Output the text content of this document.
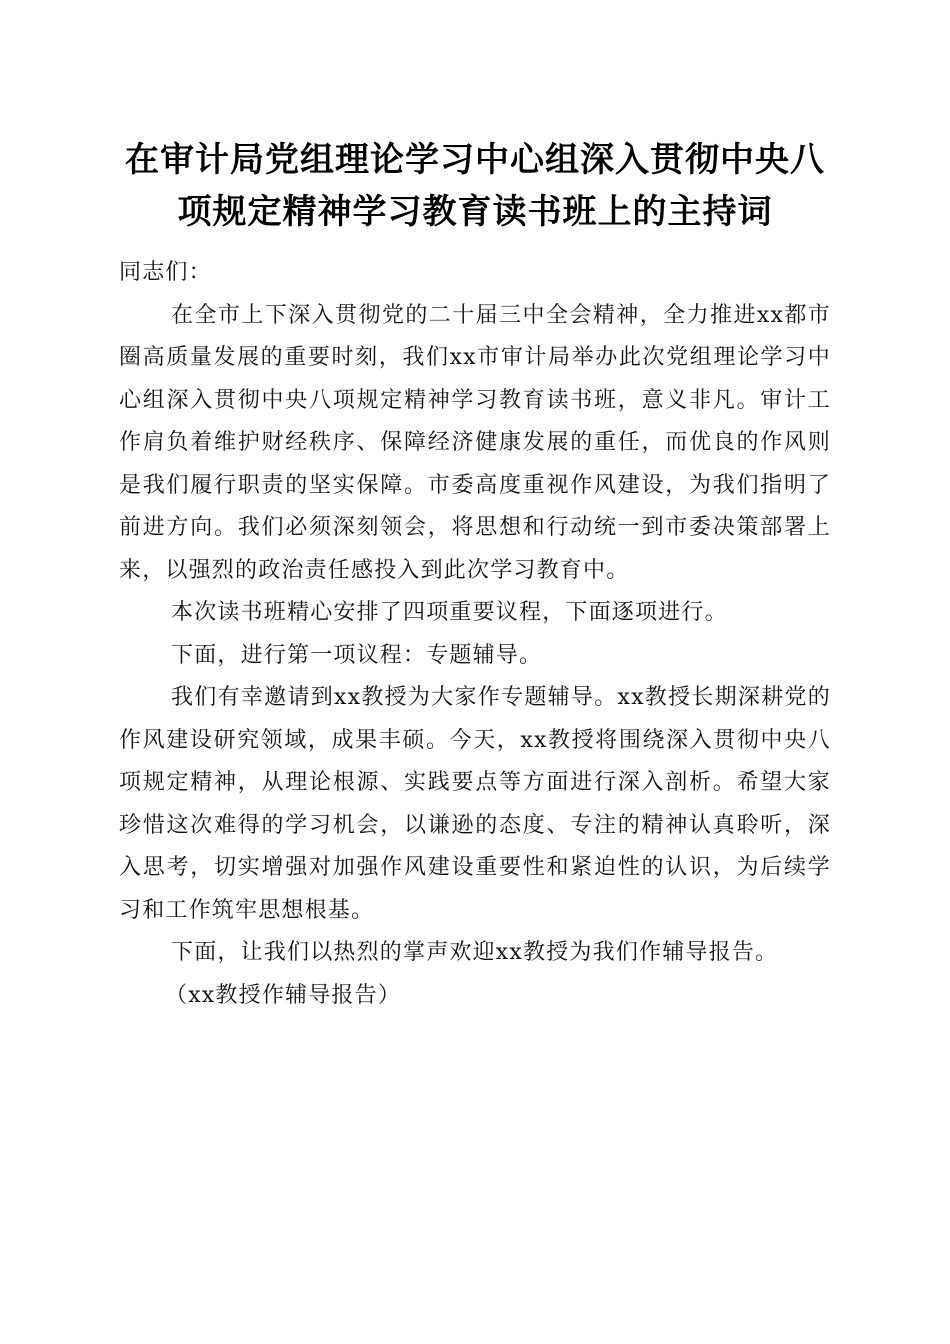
在审计局党组理论学习中心组深入贯彻中央八
项规定精神学习教育读书班上的主持词

同志们：

在全市上下深入贯彻党的二十届三中全会精神，全力推进xx都市圈高质量发展的重要时刻，我们xx市审计局举办此次党组理论学习中心组深入贯彻中央八项规定精神学习教育读书班，意义非凡。审计工作肩负着维护财经秩序、保障经济健康发展的重任，而优良的作风则是我们履行职责的坚实保障。市委高度重视作风建设，为我们指明了前进方向。我们必须深刻领会，将思想和行动统一到市委决策部署上来，以强烈的政治责任感投入到此次学习教育中。

本次读书班精心安排了四项重要议程，下面逐项进行。

下面，进行第一项议程：专题辅导。

我们有幸邀请到xx教授为大家作专题辅导。xx教授长期深耕党的作风建设研究领域，成果丰硕。今天，xx教授将围绕深入贯彻中央八项规定精神，从理论根源、实践要点等方面进行深入剖析。希望大家珍惜这次难得的学习机会，以谦逊的态度、专注的精神认真聆听，深入思考，切实增强对加强作风建设重要性和紧迫性的认识，为后续学习和工作筑牢思想根基。

下面，让我们以热烈的掌声欢迎xx教授为我们作辅导报告。

（xx教授作辅导报告）
